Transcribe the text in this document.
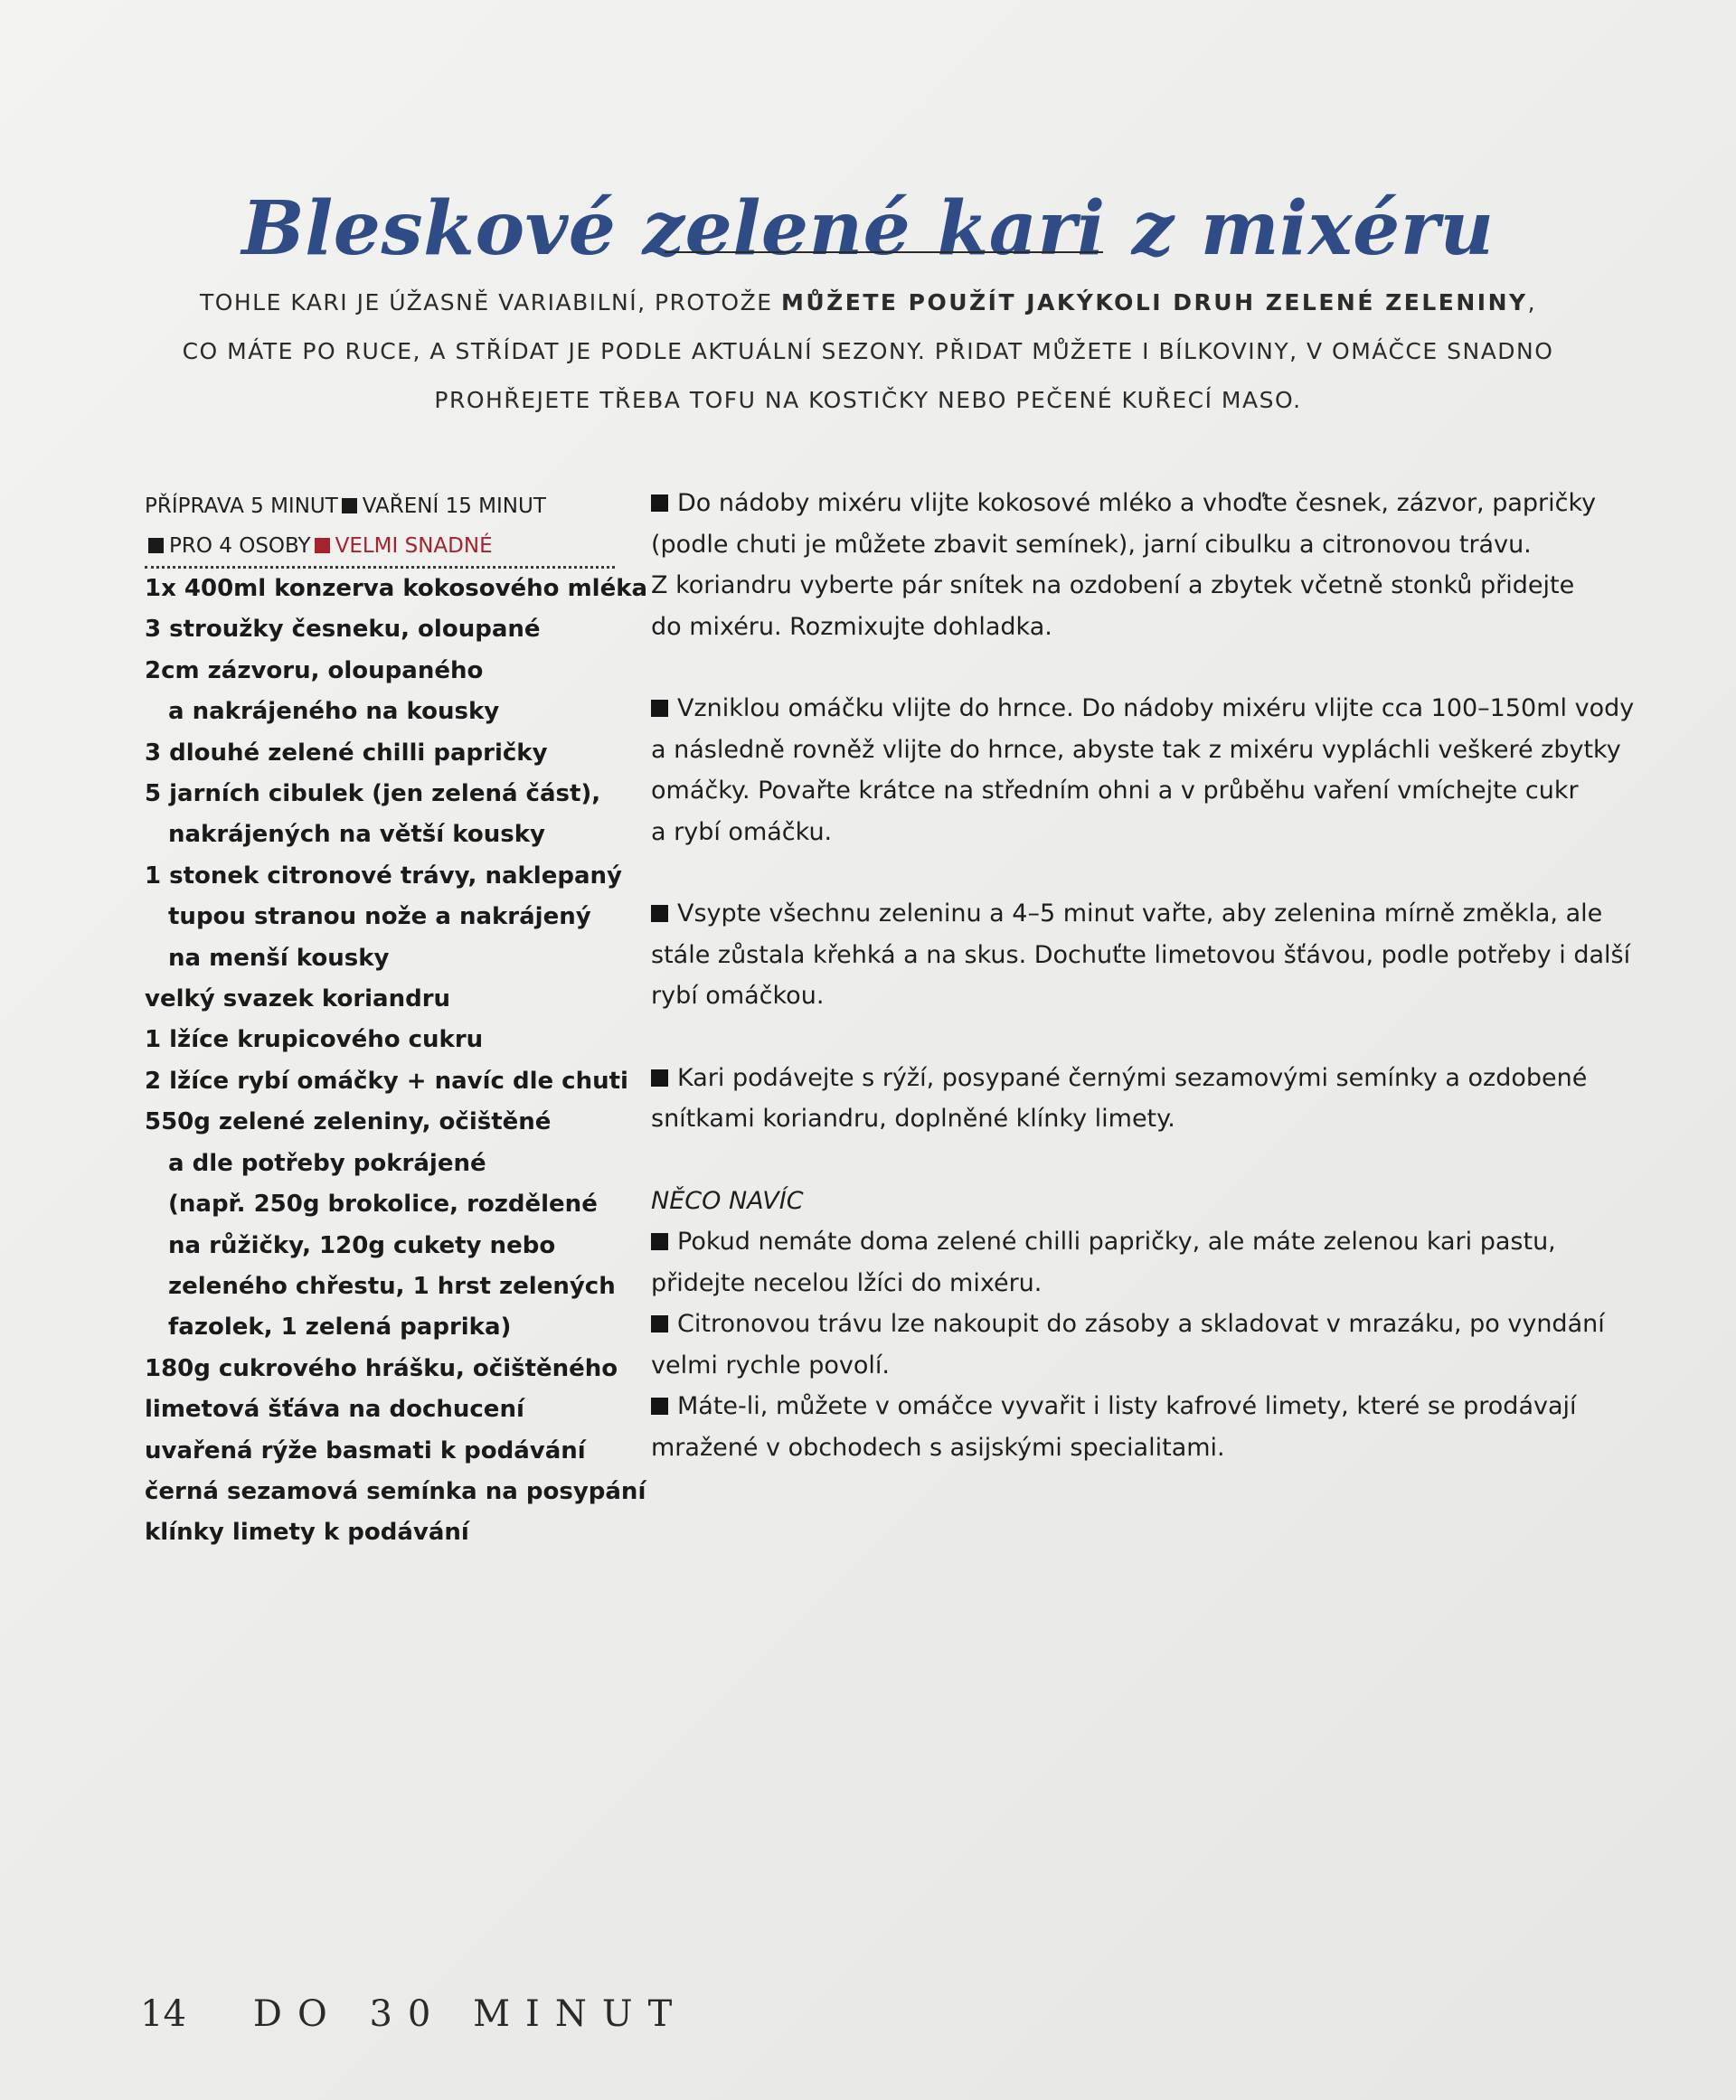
Bleskové zelené kari z mixéru
TOHLE KARI JE ÚŽASNĚ VARIABILNÍ, PROTOŽE MŮŽETE POUŽÍT JAKÝKOLI DRUH ZELENÉ ZELENINY,
CO MÁTE PO RUCE, A STŘÍDAT JE PODLE AKTUÁLNÍ SEZONY. PŘIDAT MŮŽETE I BÍLKOVINY, V OMÁČCE SNADNO
PROHŘEJETE TŘEBA TOFU NA KOSTIČKY NEBO PEČENÉ KUŘECÍ MASO.
PŘÍPRAVA 5 MINUT VAŘENÍ 15 MINUT
PRO 4 OSOBY VELMI SNADNÉ
1x 400ml konzerva kokosového mléka
3 stroužky česneku, oloupané
2cm zázvoru, oloupaného
a nakrájeného na kousky
3 dlouhé zelené chilli papričky
5 jarních cibulek (jen zelená část),
nakrájených na větší kousky
1 stonek citronové trávy, naklepaný
tupou stranou nože a nakrájený
na menší kousky
velký svazek koriandru
1 lžíce krupicového cukru
2 lžíce rybí omáčky + navíc dle chuti
550g zelené zeleniny, očištěné
a dle potřeby pokrájené
(např. 250g brokolice, rozdělené
na růžičky, 120g cukety nebo
zeleného chřestu, 1 hrst zelených
fazolek, 1 zelená paprika)
180g cukrového hrášku, očištěného
limetová šťáva na dochucení
uvařená rýže basmati k podávání
černá sezamová semínka na posypání
klínky limety k podávání

Do nádoby mixéru vlijte kokosové mléko a vhoďte česnek, zázvor, papričky

(podle chuti je můžete zbavit semínek), jarní cibulku a citronovou trávu.

Z koriandru vyberte pár snítek na ozdobení a zbytek včetně stonků přidejte

do mixéru. Rozmixujte dohladka.

Vzniklou omáčku vlijte do hrnce. Do nádoby mixéru vlijte cca 100–150ml vody

a následně rovněž vlijte do hrnce, abyste tak z mixéru vypláchli veškeré zbytky

omáčky. Povařte krátce na středním ohni a v průběhu vaření vmíchejte cukr

a rybí omáčku.

Vsypte všechnu zeleninu a 4–5 minut vařte, aby zelenina mírně změkla, ale

stále zůstala křehká a na skus. Dochuťte limetovou šťávou, podle potřeby i další

rybí omáčkou.

Kari podávejte s rýží, posypané černými sezamovými semínky a ozdobené

snítkami koriandru, doplněné klínky limety.

NĚCO NAVÍC

Pokud nemáte doma zelené chilli papričky, ale máte zelenou kari pastu,

přidejte necelou lžíci do mixéru.

Citronovou trávu lze nakoupit do zásoby a skladovat v mrazáku, po vyndání

velmi rychle povolí.

Máte-li, můžete v omáčce vyvařit i listy kafrové limety, které se prodávají

mražené v obchodech s asijskými specialitami.

14 DO 30 MINUT
